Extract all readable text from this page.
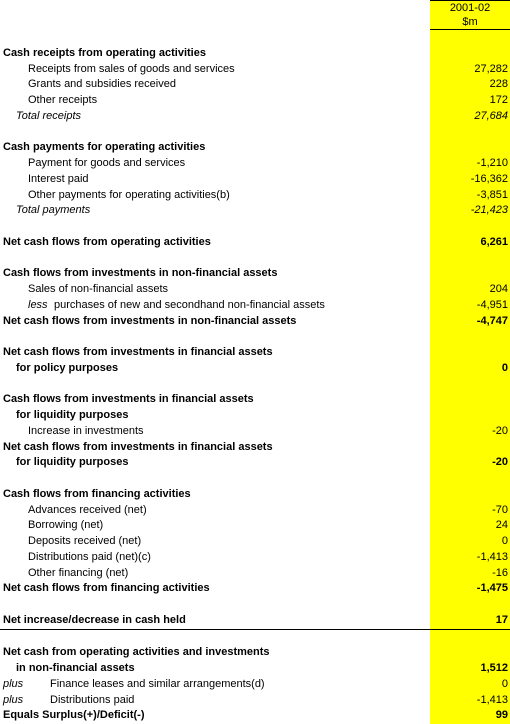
2001-02
$m
Cash receipts from operating activities
Receipts from sales of goods and services	27,282
Grants and subsidies received	228
Other receipts	172
Total receipts	27,684
Cash payments for operating activities
Payment for goods and services	-1,210
Interest paid	-16,362
Other payments for operating activities(b)	-3,851
Total payments	-21,423
Net cash flows from operating activities	6,261
Cash flows from investments in non-financial assets
Sales of non-financial assets	204
less purchases of new and secondhand non-financial assets	-4,951
Net cash flows from investments in non-financial assets	-4,747
Net cash flows from investments in financial assets
for policy purposes	0
Cash flows from investments in financial assets
for liquidity purposes
Increase in investments	-20
Net cash flows from investments in financial assets
for liquidity purposes	-20
Cash flows from financing activities
Advances received (net)	-70
Borrowing (net)	24
Deposits received (net)	0
Distributions paid (net)(c)	-1,413
Other financing (net)	-16
Net cash flows from financing activities	-1,475
Net increase/decrease in cash held	17
Net cash from operating activities and investments
in non-financial assets	1,512
plus Finance leases and similar arrangements(d)	0
plus Distributions paid	-1,413
Equals Surplus(+)/Deficit(-)	99
